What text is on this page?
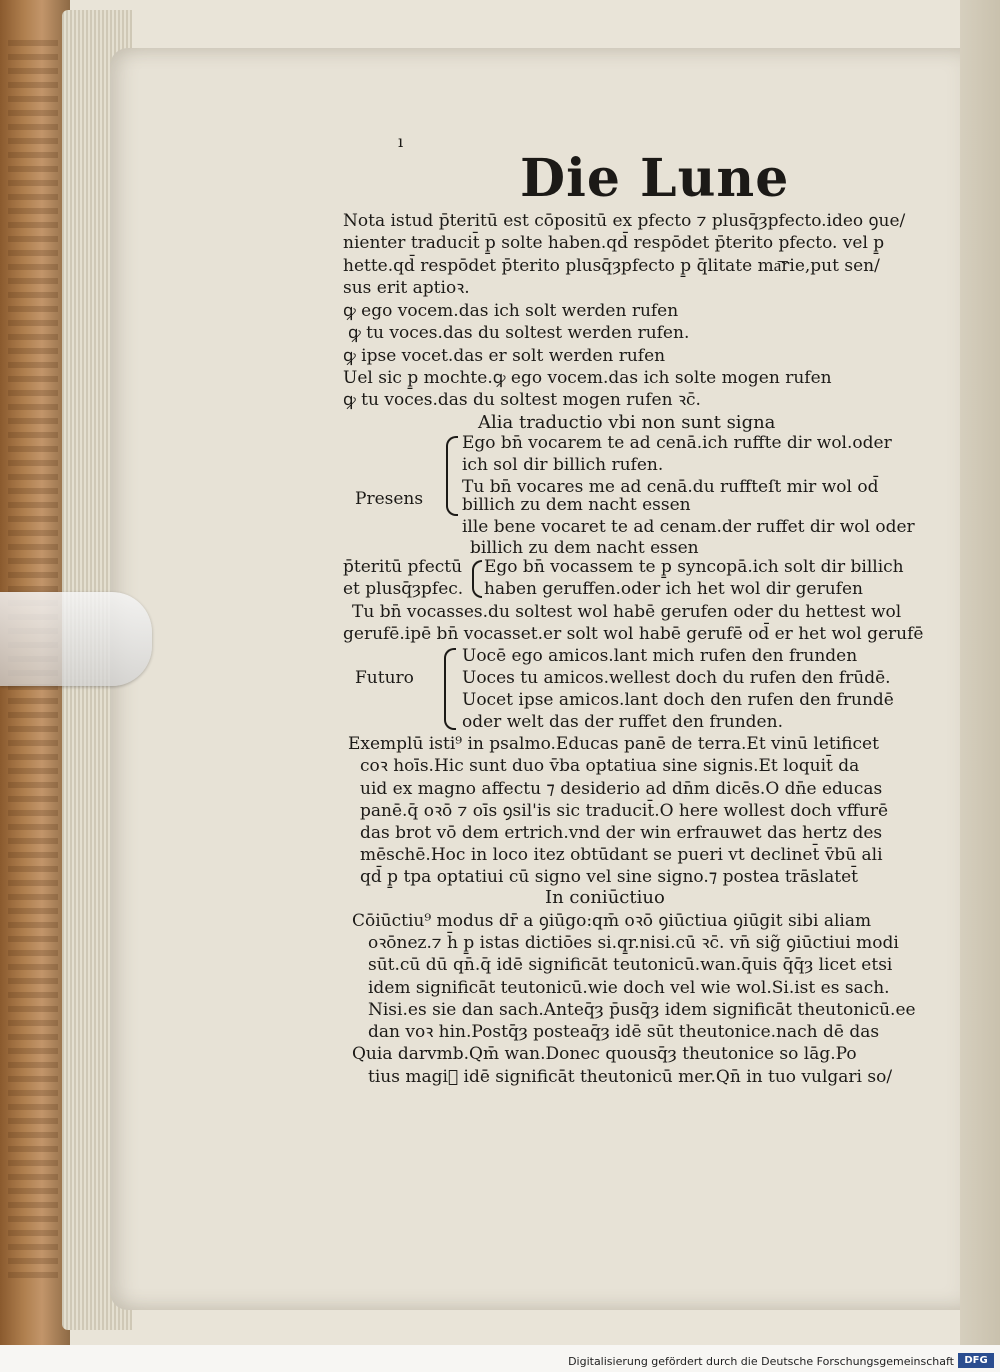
ı
Die Lune
Nota istud p̄teritū est cōpositū ex pfecto ⁊ plusq̄ȝpfecto.ideo ꝯue/
nienter traducit̄ p̱ solte haben.qd̄ respōdet p̄terito pfecto. vel p̱
hette.qd̄ respōdet p̄terito plusq̄ȝpfecto p̱ q̄litate ma͞rie,put sen/
sus erit aptioꝛ.
ꝙ ego vocem.das ich solt werden rufen
ꝙ tu voces.das du soltest werden rufen.
ꝙ ipse vocet.das er solt werden rufen
Uel sic p̱ mochte.ꝙ ego vocem.das ich solte mogen rufen
ꝙ tu voces.das du soltest mogen rufen ꝛc̄.
Alia traductio vbi non sunt signa
Ego bn̄ vocarem te ad cenā.ich ruffte dir wol.oder
ich sol dir billich rufen.
Tu bn̄ vocares me ad cenā.du ruffteſt mir wol od̄
Presens billich zu dem nacht essen
ille bene vocaret te ad cenam.der ruffet dir wol oder
billich zu dem nacht essen
p̄teritū pfectū Ego bn̄ vocassem te p̱ syncopā.ich solt dir billich
et plusq̄ȝpfec. haben geruffen.oder ich het wol dir gerufen
Tu bn̄ vocasses.du soltest wol habē gerufen oder du hettest wol
gerufē.ipē bn̄ vocasset.er solt wol habē gerufē od̄ er het wol gerufē
Uocē ego amicos.lant mich rufen den frunden
Futuro	Uoces tu amicos.wellest doch du rufen den frūdē.
Uocet ipse amicos.lant doch den rufen den frundē
oder welt das der ruffet den frunden.
Exemplū isti⁹ in psalmo.Educas panē de terra.Et vinū letificet
coꝛ hoīs.Hic sunt duo v̄ba optatiua sine signis.Et loquit̄ da
uid ex magno affectu ⁊ desiderio ad dn̄m dicēs.O dn̄e educas
panē.q̄ oꝛō ⁊ oīs ꝯsil'is sic traducit̄.O here wollest doch vffurē
das brot vō dem ertrich.vnd der win erfrauwet das hertz des
mēschē.Hoc in loco itez obtūdant se pueri vt declinet̄ v̄bū ali
qd̄ p̱ tpa optatiui cū signo vel sine signo.⁊ postea trāslatet̄
In coniūctiuo
Cōiūctiu⁹ modus dr̄ a ꝯiūgo:qm̄ oꝛō ꝯiūctiua ꝯiūgit sibi aliam
oꝛōnez.⁊ h̄ p̱ istas dictiōes si.q̱r.nisi.cū ꝛc̄. vn̄ sig̃ ꝯiūctiui modi
sūt.cū dū qn̄.q̄ idē significāt teutonicū.wan.q̄uis q̄q̄ȝ licet etsi
idem significāt teutonicū.wie doch vel wie wol.Si.ist es sach.
Nisi.es sie dan sach.Anteq̄ȝ p̄usq̄ȝ idem significāt theutonicū.ee
dan voꝛ hin.Postq̄ȝ posteaq̄ȝ idē sūt theutonice.nach dē das
Quia darvmb.Qm̄ wan.Donec quousq̄ȝ theutonice so lāg.Po
tius magi᷑ idē significāt theutonicū mer.Qn̄ in tuo vulgari so/
Digitalisierung gefördert durch die Deutsche Forschungsgemeinschaft	DFG
